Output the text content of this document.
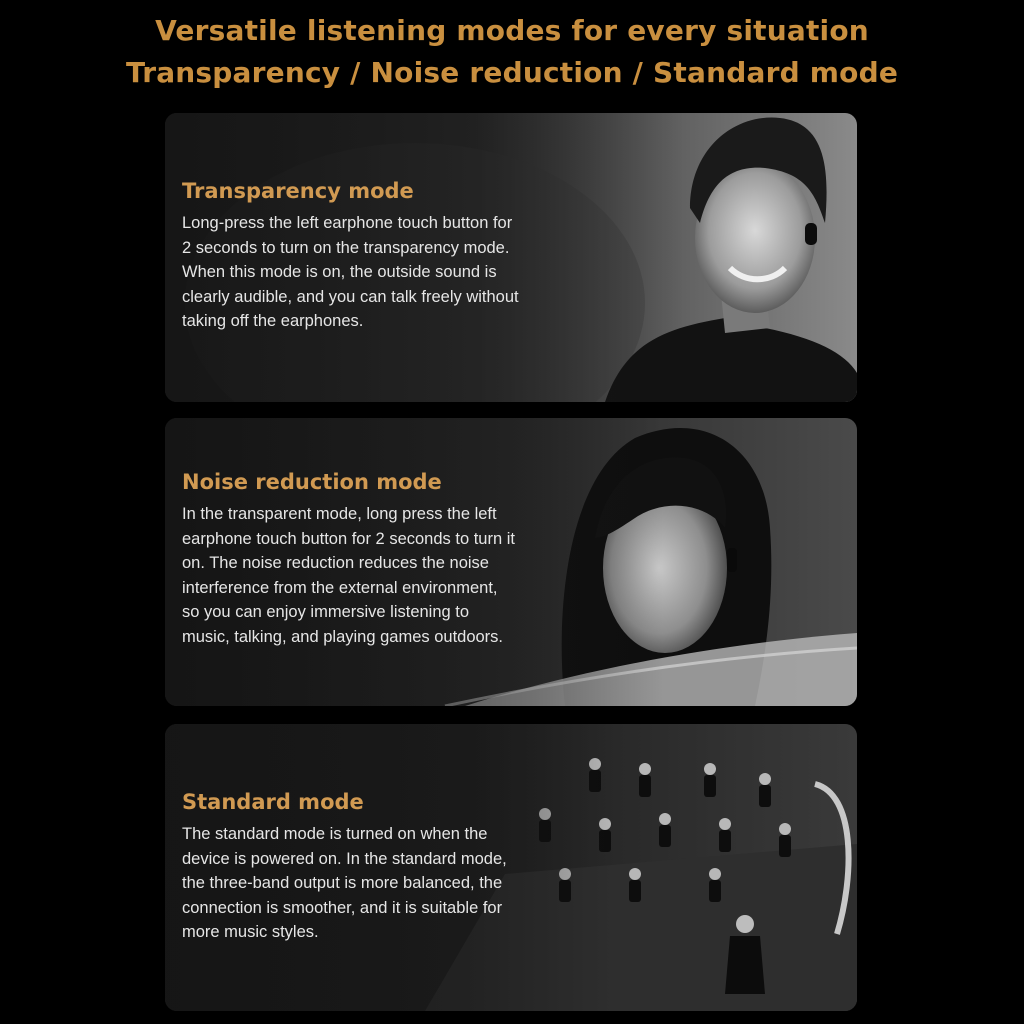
Versatile listening modes for every situation
Transparency / Noise reduction / Standard mode
Transparency mode

Long-press the left earphone touch button for
2 seconds to turn on the transparency mode.
When this mode is on, the outside sound is
clearly audible, and you can talk freely without
taking off the earphones.

Noise reduction mode

In the transparent mode, long press the left
earphone touch button for 2 seconds to turn it
on. The noise reduction reduces the noise
interference from the external environment,
so you can enjoy immersive listening to
music, talking, and playing games outdoors.

Standard mode

The standard mode is turned on when the
device is powered on. In the standard mode,
the three-band output is more balanced, the
connection is smoother, and it is suitable for
more music styles.
